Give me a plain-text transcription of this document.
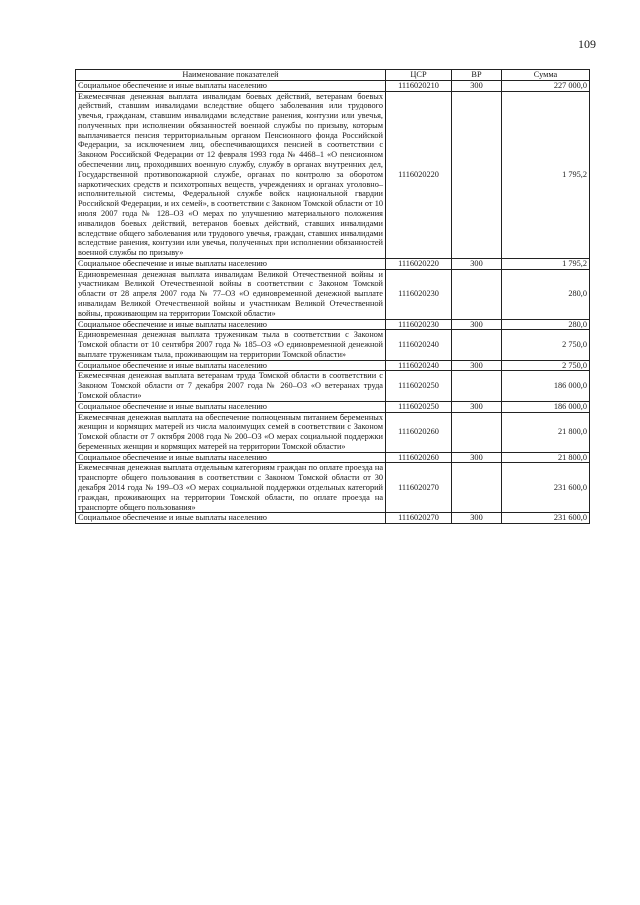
109
Наименование показателей	ЦСР	ВР	Сумма
Социальное обеспечение и иные выплаты населению	1116020210	300	227 000,0
Ежемесячная денежная выплата инвалидам боевых действий, ветеранам боевых действий, ставшим инвалидами вследствие общего заболевания или трудового увечья, гражданам, ставшим инвалидами вследствие ранения, контузии или увечья, полученных при исполнении обязанностей военной службы по призыву, которым выплачивается пенсия территориальным органом Пенсионного фонда Российской Федерации, за исключением лиц, обеспечивающихся пенсией в соответствии с Законом Российской Федерации от 12 февраля 1993 года № 4468–1 «О пенсионном обеспечении лиц, проходивших военную службу, службу в органах внутренних дел, Государственной противопожарной службе, органах по контролю за оборотом наркотических средств и психотропных веществ, учреждениях и органах уголовно–исполнительной системы, Федеральной службе войск национальной гвардии Российской Федерации, и их семей», в соответствии с Законом Томской области от 10 июля 2007 года № 128–ОЗ «О мерах по улучшению материального положения инвалидов боевых действий, ветеранов боевых действий, ставших инвалидами вследствие общего заболевания или трудового увечья, граждан, ставших инвалидами вследствие ранения, контузии или увечья, полученных при исполнении обязанностей военной службы по призыву»	1116020220		1 795,2
Социальное обеспечение и иные выплаты населению	1116020220	300	1 795,2
Единовременная денежная выплата инвалидам Великой Отечественной войны и участникам Великой Отечественной войны в соответствии с Законом Томской области от 28 апреля 2007 года № 77–ОЗ «О единовременной денежной выплате инвалидам Великой Отечественной войны и участникам Великой Отечественной войны, проживающим на территории Томской области»	1116020230		280,0
Социальное обеспечение и иные выплаты населению	1116020230	300	280,0
Единовременная денежная выплата труженикам тыла в соответствии с Законом Томской области от 10 сентября 2007 года № 185–ОЗ «О единовременной денежной выплате труженикам тыла, проживающим на территории Томской области»	1116020240		2 750,0
Социальное обеспечение и иные выплаты населению	1116020240	300	2 750,0
Ежемесячная денежная выплата ветеранам труда Томской области в соответствии с Законом Томской области от 7 декабря 2007 года № 260–ОЗ «О ветеранах труда Томской области»	1116020250		186 000,0
Социальное обеспечение и иные выплаты населению	1116020250	300	186 000,0
Ежемесячная денежная выплата на обеспечение полноценным питанием беременных женщин и кормящих матерей из числа малоимущих семей в соответствии с Законом Томской области от 7 октября 2008 года № 200–ОЗ «О мерах социальной поддержки беременных женщин и кормящих матерей на территории Томской области»	1116020260		21 800,0
Социальное обеспечение и иные выплаты населению	1116020260	300	21 800,0
Ежемесячная денежная выплата отдельным категориям граждан по оплате проезда на транспорте общего пользования в соответствии с Законом Томской области от 30 декабря 2014 года № 199–ОЗ «О мерах социальной поддержки отдельных категорий граждан, проживающих на территории Томской области, по оплате проезда на транспорте общего пользования»	1116020270		231 600,0
Социальное обеспечение и иные выплаты населению	1116020270	300	231 600,0
